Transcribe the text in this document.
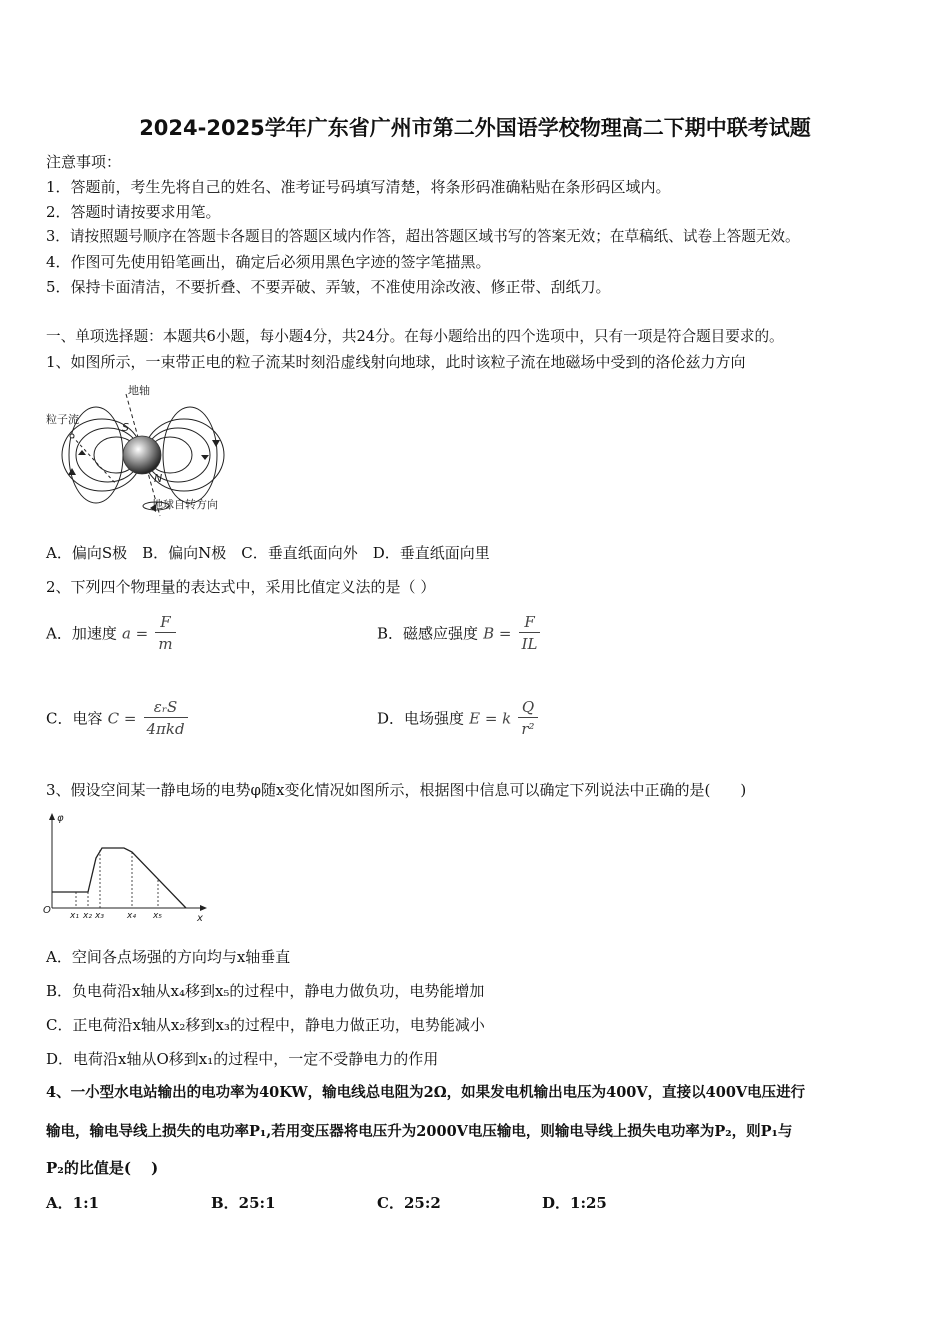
2024-2025学年广东省广州市第二外国语学校物理高二下期中联考试题
注意事项：
1．答题前，考生先将自己的姓名、准考证号码填写清楚，将条形码准确粘贴在条形码区域内。
2．答题时请按要求用笔。
3．请按照题号顺序在答题卡各题目的答题区域内作答，超出答题区域书写的答案无效；在草稿纸、试卷上答题无效。
4．作图可先使用铅笔画出，确定后必须用黑色字迹的签字笔描黑。
5．保持卡面清洁，不要折叠、不要弄破、弄皱，不准使用涂改液、修正带、刮纸刀。
一、单项选择题：本题共6小题，每小题4分，共24分。在每小题给出的四个选项中，只有一项是符合题目要求的。
1、如图所示，一束带正电的粒子流某时刻沿虚线射向地球，此时该粒子流在地磁场中受到的洛伦兹力方向
粒子流
地轴
S
N
地球自转方向
A．偏向S极　B．偏向N极　C．垂直纸面向外　D．垂直纸面向里
2、下列四个物理量的表达式中，采用比值定义法的是（ ）
A．加速度 $a = \frac{F}{m}$	B．磁感应强度 $B = \frac{F}{IL}$
C．电容 $C = \frac{\text{εᵣS}}{\text{4πkd}}$	D．电场强度 E = k $\frac{Q}{\text{r²}}$
3、假设空间某一静电场的电势φ随x变化情况如图所示，根据图中信息可以确定下列说法中正确的是(　　)
φ
O
x
x₁ x₂ x₃	x₄ x₅
A．空间各点场强的方向均与x轴垂直
B．负电荷沿x轴从x₄移到x₅的过程中，静电力做负功，电势能增加
C．正电荷沿x轴从x₂移到x₃的过程中，静电力做正功，电势能减小
D．电荷沿x轴从O移到x₁的过程中，一定不受静电力的作用
4、一小型水电站输出的电功率为40KW，输电线总电阻为2Ω，如果发电机输出电压为400V，直接以400V电压进行
输电，输电导线上损失的电功率P₁,若用变压器将电压升为2000V电压输电，则输电导线上损失电功率为P₂，则P₁与
P₂的比值是(　 )
A．1:1	B．25:1	C．25:2	D．1:25
